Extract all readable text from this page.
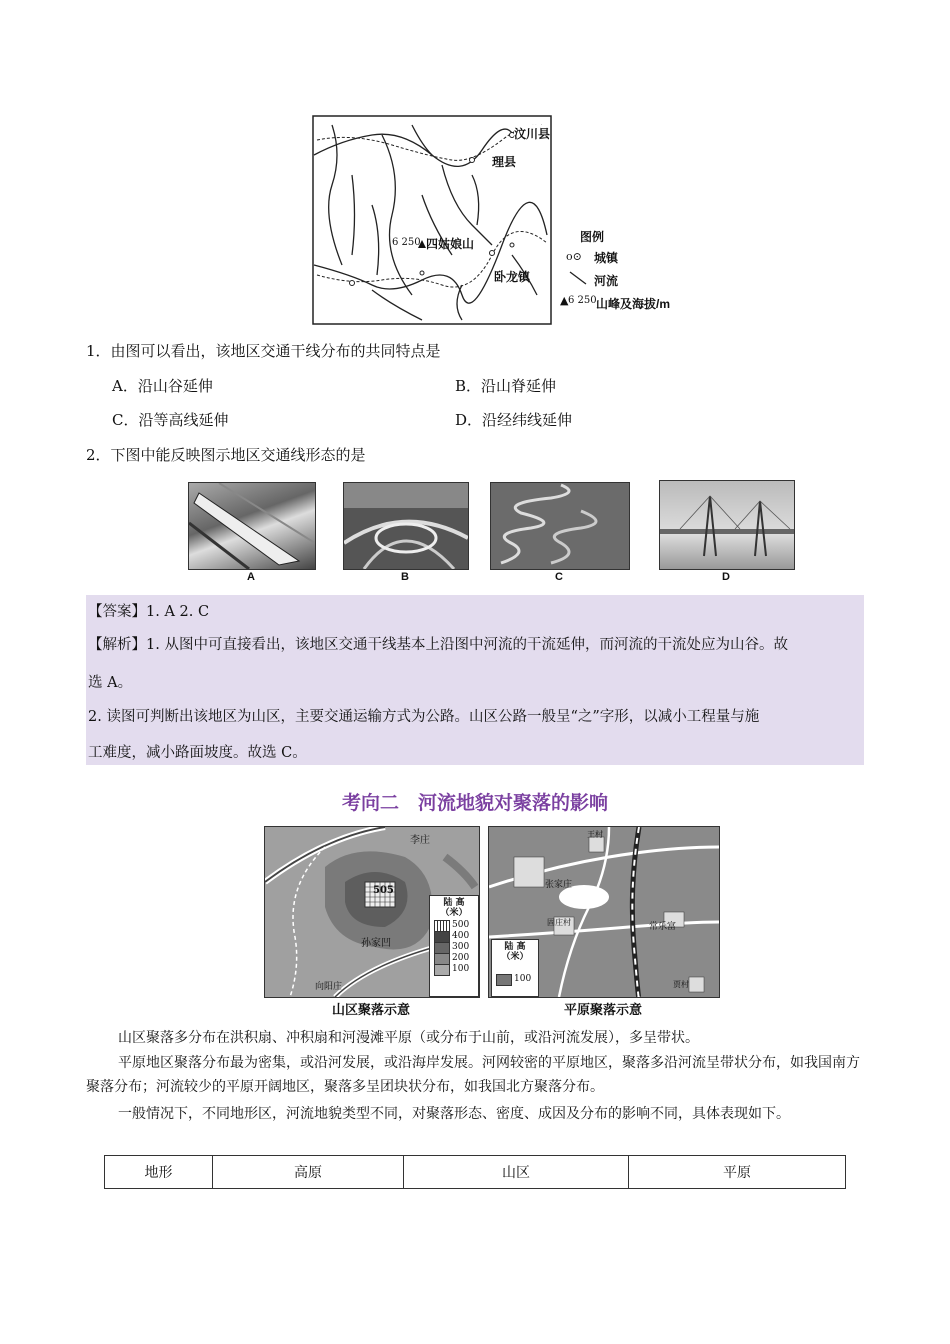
汶川县
理县
四姑娘山
6 250
卧龙镇
图例
o⊙ 城镇
河流
▲ 6 250 山峰及海拔/m
1．由图可以看出，该地区交通干线分布的共同特点是
A．沿山谷延伸	B．沿山脊延伸
C．沿等高线延伸	D．沿经纬线延伸
2．下图中能反映图示地区交通线形态的是
A	B	C	D
【答案】1. A 2. C
【解析】1. 从图中可直接看出，该地区交通干线基本上沿图中河流的干流延伸，而河流的干流处应为山谷。故
选 A。
2. 读图可判断出该地区为山区，主要交通运输方式为公路。山区公路一般呈“之”字形，以减小工程量与施
工难度，减小路面坡度。故选 C。
考向二　河流地貌对聚落的影响
505
李庄
孙家凹
向阳庄
陆 高
（米）
500
400
300
200
100
山区聚落示意
王村
张家庄
固庄村	常乐富
贾村
陆 高
（米）
100
平原聚落示意
山区聚落多分布在洪积扇、冲积扇和河漫滩平原（或分布于山前，或沿河流发展），多呈带状。
平原地区聚落分布最为密集，或沿河发展，或沿海岸发展。河网较密的平原地区，聚落多沿河流呈带状分布，如我国南方聚落分布；河流较少的平原开阔地区，聚落多呈团块状分布，如我国北方聚落分布。
一般情况下，不同地形区，河流地貌类型不同，对聚落形态、密度、成因及分布的影响不同，具体表现如下。
地形	高原	山区	平原
